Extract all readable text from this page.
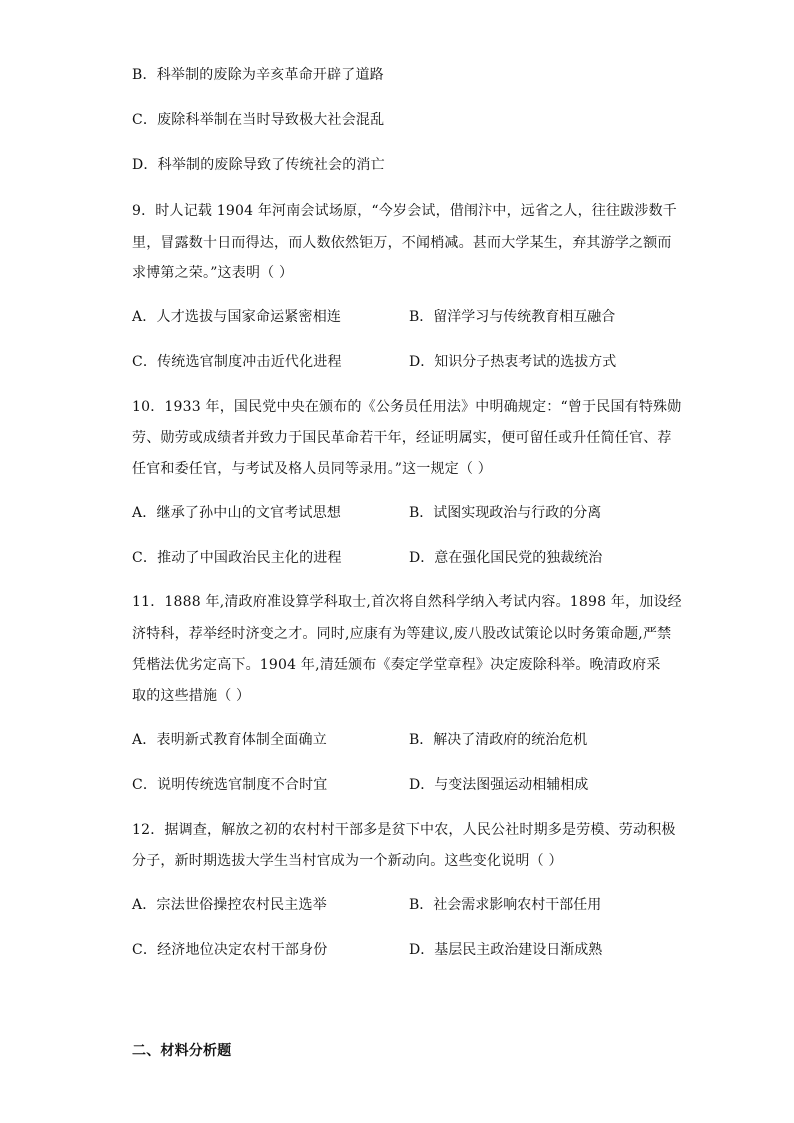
B．科举制的废除为辛亥革命开辟了道路
C．废除科举制在当时导致极大社会混乱
D．科举制的废除导致了传统社会的消亡
9．时人记载 1904 年河南会试场原，“今岁会试，借闱汴中，远省之人，往往跋涉数千
里，冒露数十日而得达，而人数依然钜万，不闻梢减。甚而大学某生，弃其游学之额而
求博第之荣。”这表明（ ）
A．人才选拔与国家命运紧密相连	B．留洋学习与传统教育相互融合
C．传统选官制度冲击近代化进程	D．知识分子热衷考试的选拔方式
10．1933 年，国民党中央在颁布的《公务员任用法》中明确规定：“曾于民国有特殊勋
劳、勋劳或成绩者并致力于国民革命若干年，经证明属实，便可留任或升任简任官、荐
任官和委任官，与考试及格人员同等录用。”这一规定（ ）
A．继承了孙中山的文官考试思想	B．试图实现政治与行政的分离
C．推动了中国政治民主化的进程	D．意在强化国民党的独裁统治
11．1888 年,清政府准设算学科取士,首次将自然科学纳入考试内容。1898 年，加设经
济特科，荐举经时济变之才。同时,应康有为等建议,废八股改试策论以时务策命题,严禁
凭楷法优劣定高下。1904 年,清廷颁布《奏定学堂章程》决定废除科举。晚清政府采
取的这些措施（ ）
A．表明新式教育体制全面确立	B．解决了清政府的统治危机
C．说明传统选官制度不合时宜	D．与变法图强运动相辅相成
12．据调查，解放之初的农村村干部多是贫下中农，人民公社时期多是劳模、劳动积极
分子，新时期选拔大学生当村官成为一个新动向。这些变化说明（ ）
A．宗法世俗操控农村民主选举	B．社会需求影响农村干部任用
C．经济地位决定农村干部身份	D．基层民主政治建设日渐成熟
二、材料分析题
